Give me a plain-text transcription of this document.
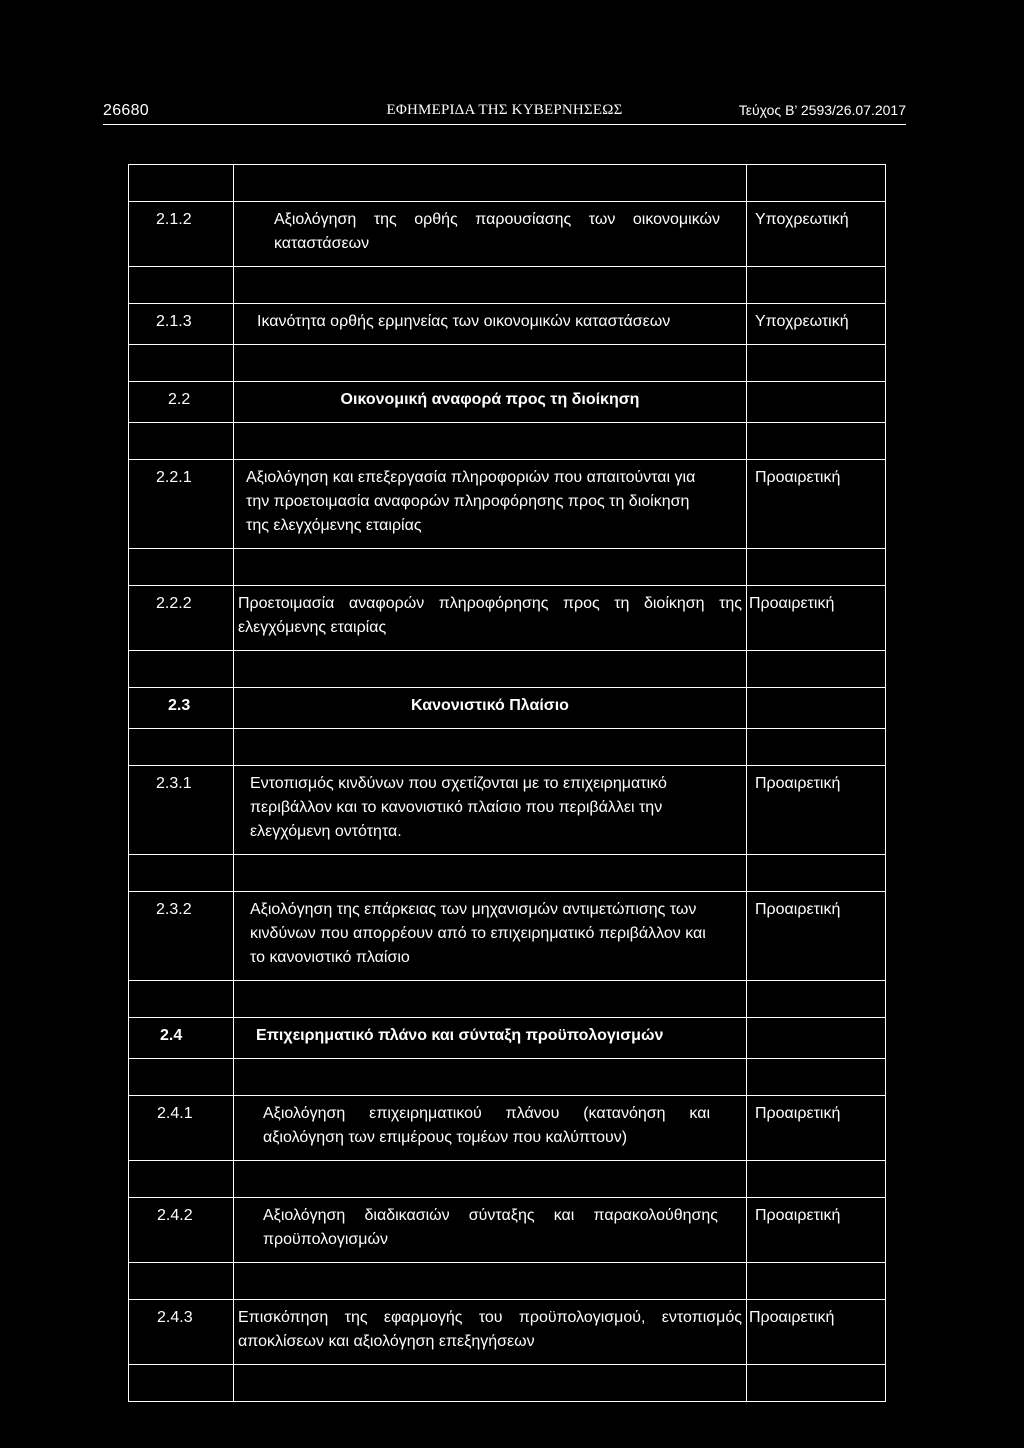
26680	ΕΦΗΜΕΡΙΔΑ ΤΗΣ ΚΥΒΕΡΝΗΣΕΩΣ	Τεύχος Β’ 2593/26.07.2017

2.1.2	Αξιολόγηση της ορθής παρουσίασης των οικονομικών καταστάσεων	Υποχρεωτική

2.1.3	Ικανότητα ορθής ερμηνείας των οικονομικών καταστάσεων	Υποχρεωτική

2.2	Οικονομική αναφορά προς τη διοίκηση	

2.2.1	Αξιολόγηση και επεξεργασία πληροφοριών που απαιτούνται για την προετοιμασία αναφορών πληροφόρησης προς τη διοίκηση της ελεγχόμενης εταιρίας	Προαιρετική

2.2.2	Προετοιμασία αναφορών πληροφόρησης προς τη διοίκηση της ελεγχόμενης εταιρίας	Προαιρετική

2.3	Κανονιστικό Πλαίσιο	

2.3.1	Εντοπισμός κινδύνων που σχετίζονται με το επιχειρηματικό περιβάλλον και το κανονιστικό πλαίσιο που περιβάλλει την ελεγχόμενη οντότητα.	Προαιρετική

2.3.2	Αξιολόγηση της επάρκειας των μηχανισμών αντιμετώπισης των κινδύνων που απορρέουν από το επιχειρηματικό περιβάλλον και το κανονιστικό πλαίσιο	Προαιρετική

2.4	Επιχειρηματικό πλάνο και σύνταξη προϋπολογισμών	

2.4.1	Αξιολόγηση επιχειρηματικού πλάνου (κατανόηση και αξιολόγηση των επιμέρους τομέων που καλύπτουν)	Προαιρετική

2.4.2	Αξιολόγηση διαδικασιών σύνταξης και παρακολούθησης προϋπολογισμών	Προαιρετική

2.4.3	Επισκόπηση της εφαρμογής του προϋπολογισμού, εντοπισμός αποκλίσεων και αξιολόγηση επεξηγήσεων	Προαιρετική
